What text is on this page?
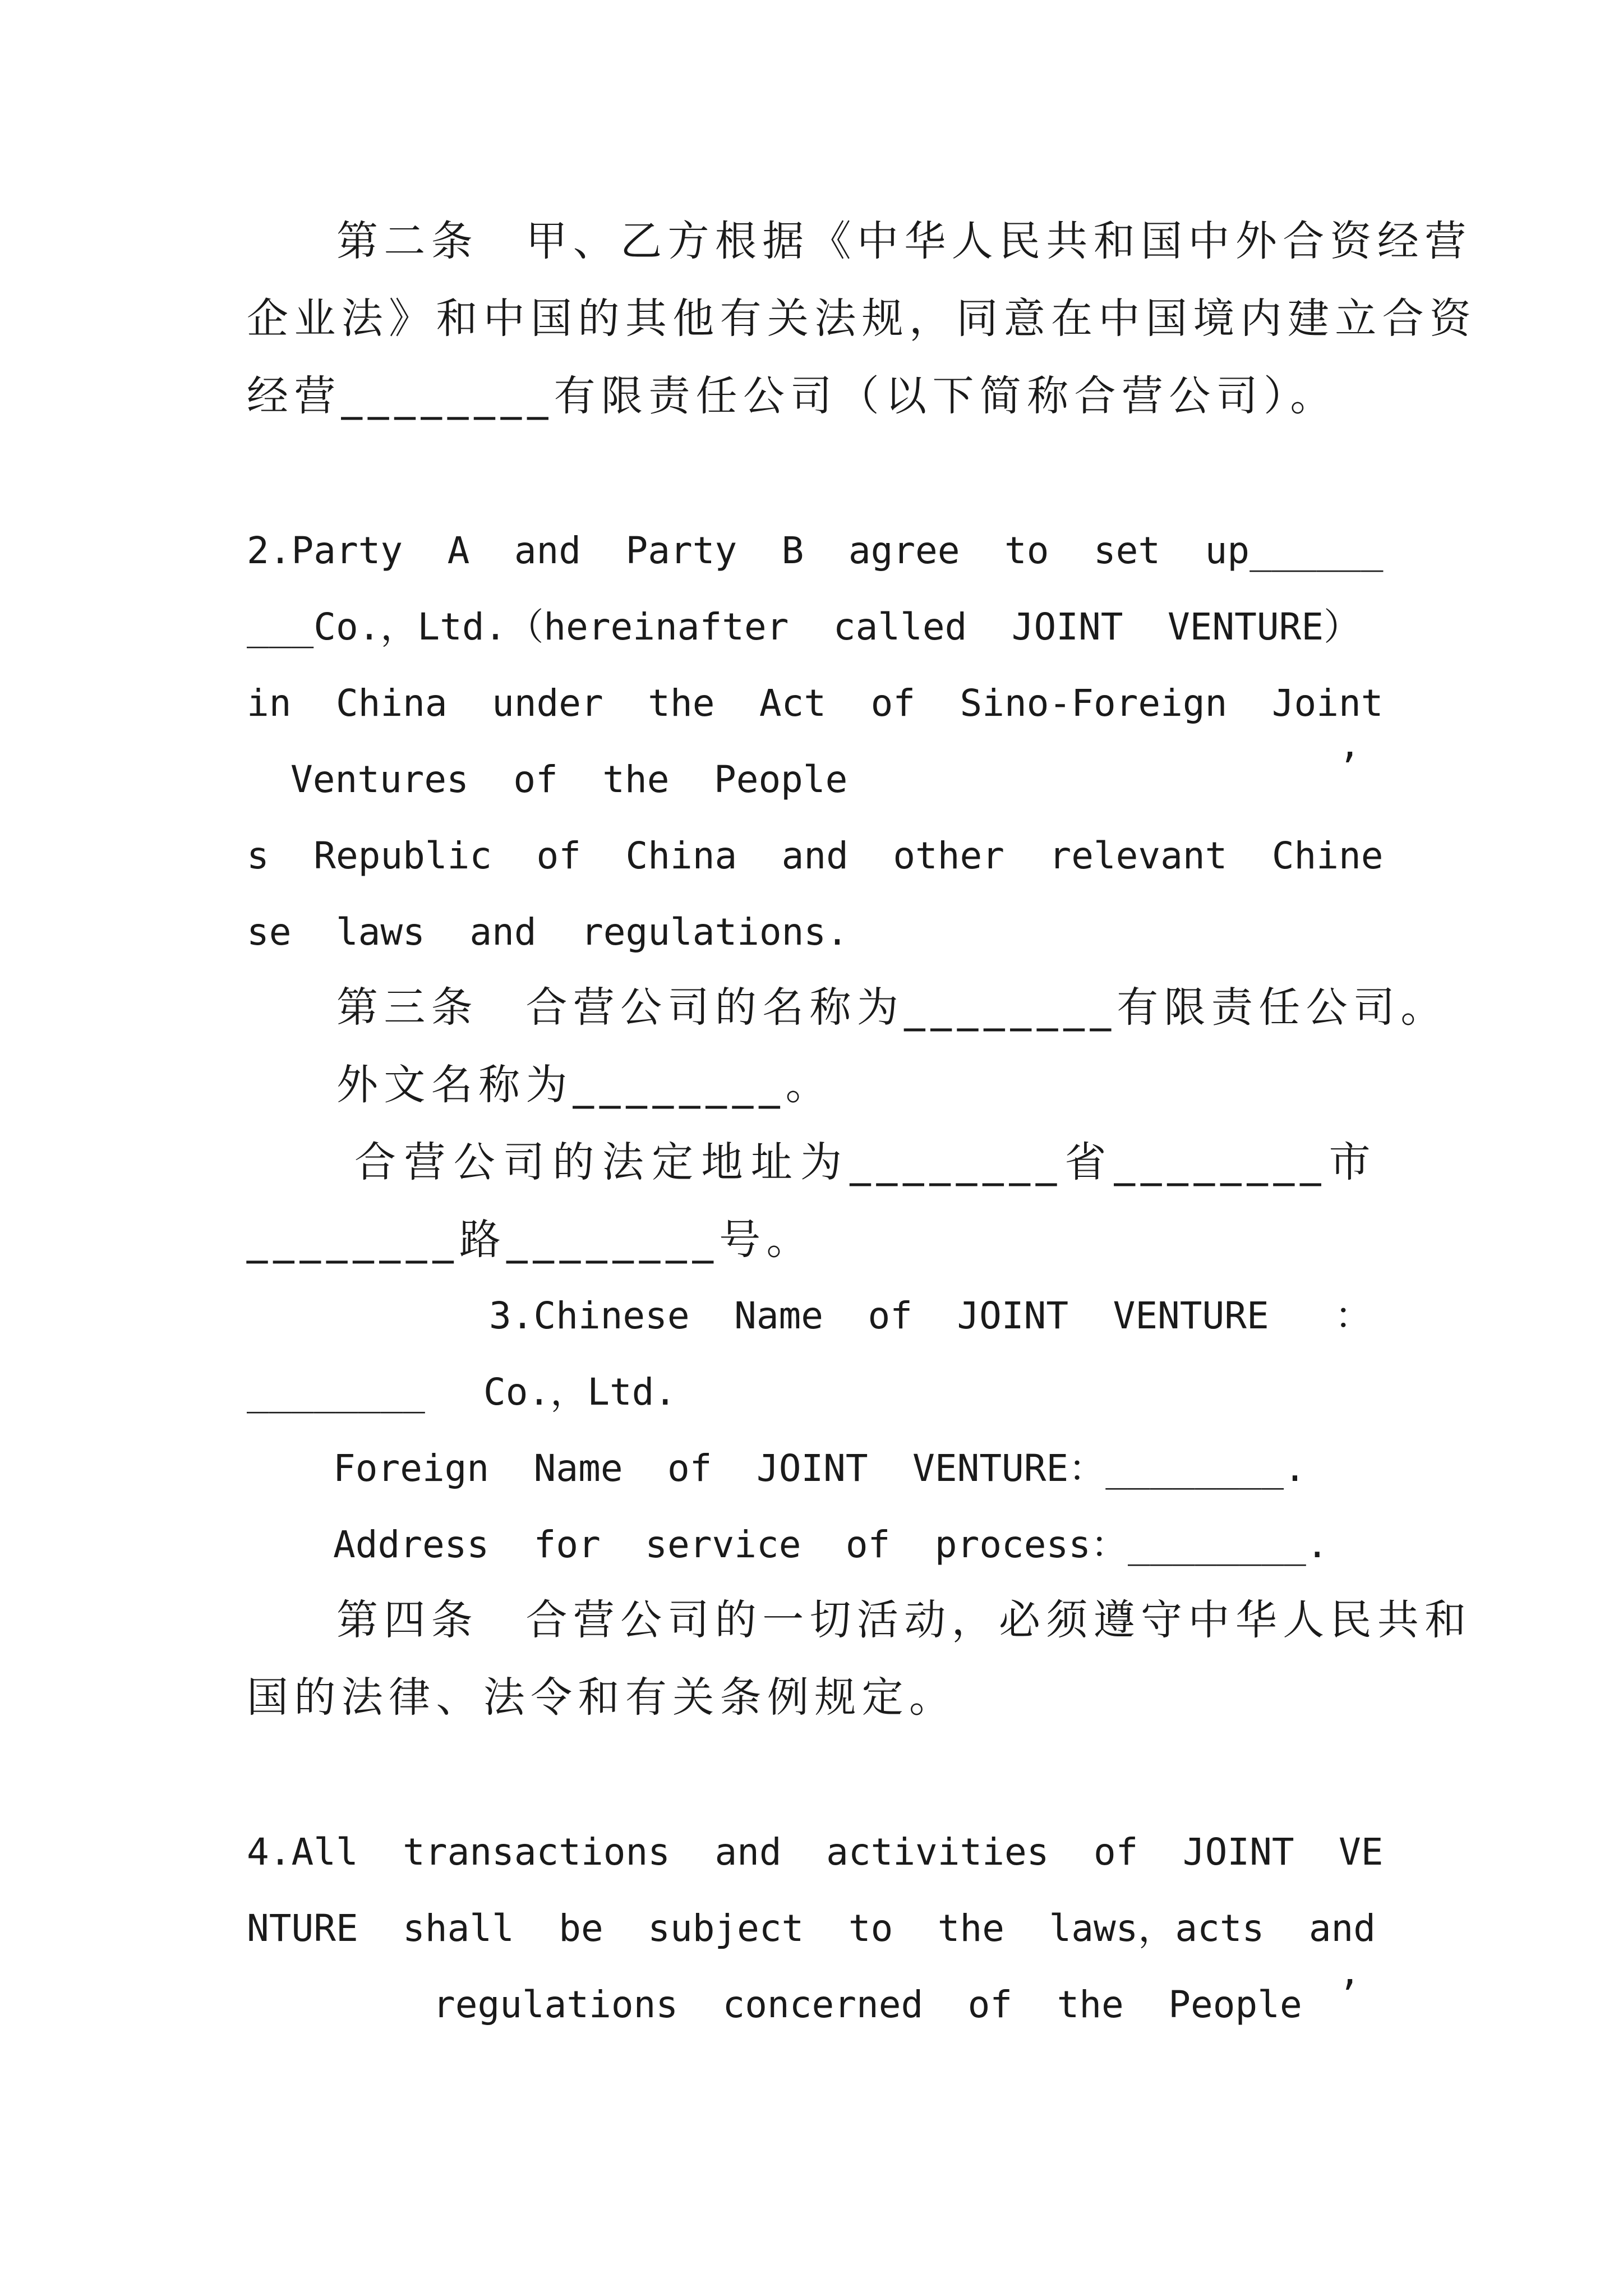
第二条　甲、乙方根据《中华人民共和国中外合资经营
企业法》和中国的其他有关法规，同意在中国境内建立合资
经营________有限责任公司（以下简称合营公司）。
2.Party  A  and  Party  B  agree  to  set  up______
___Co.，Ltd.（hereinafter  called  JOINT  VENTURE）
in  China  under  the  Act  of  Sino-Foreign  Joint
Ventures  of  the  People	’
s  Republic  of  China  and  other  relevant  Chine
se  laws  and  regulations.
第三条　合营公司的名称为________有限责任公司。
外文名称为________。
合营公司的法定地址为________省________市
________路________号。
3.Chinese  Name  of  JOINT  VENTURE ：
________	Co.，Ltd.
Foreign  Name  of  JOINT  VENTURE：________.
Address  for  service  of  process：________.
第四条　合营公司的一切活动，必须遵守中华人民共和
国的法律、法令和有关条例规定。
4.All  transactions  and  activities  of  JOINT  VE
NTURE  shall  be  subject  to  the  laws，acts  and
regulations  concerned  of  the  People ’
